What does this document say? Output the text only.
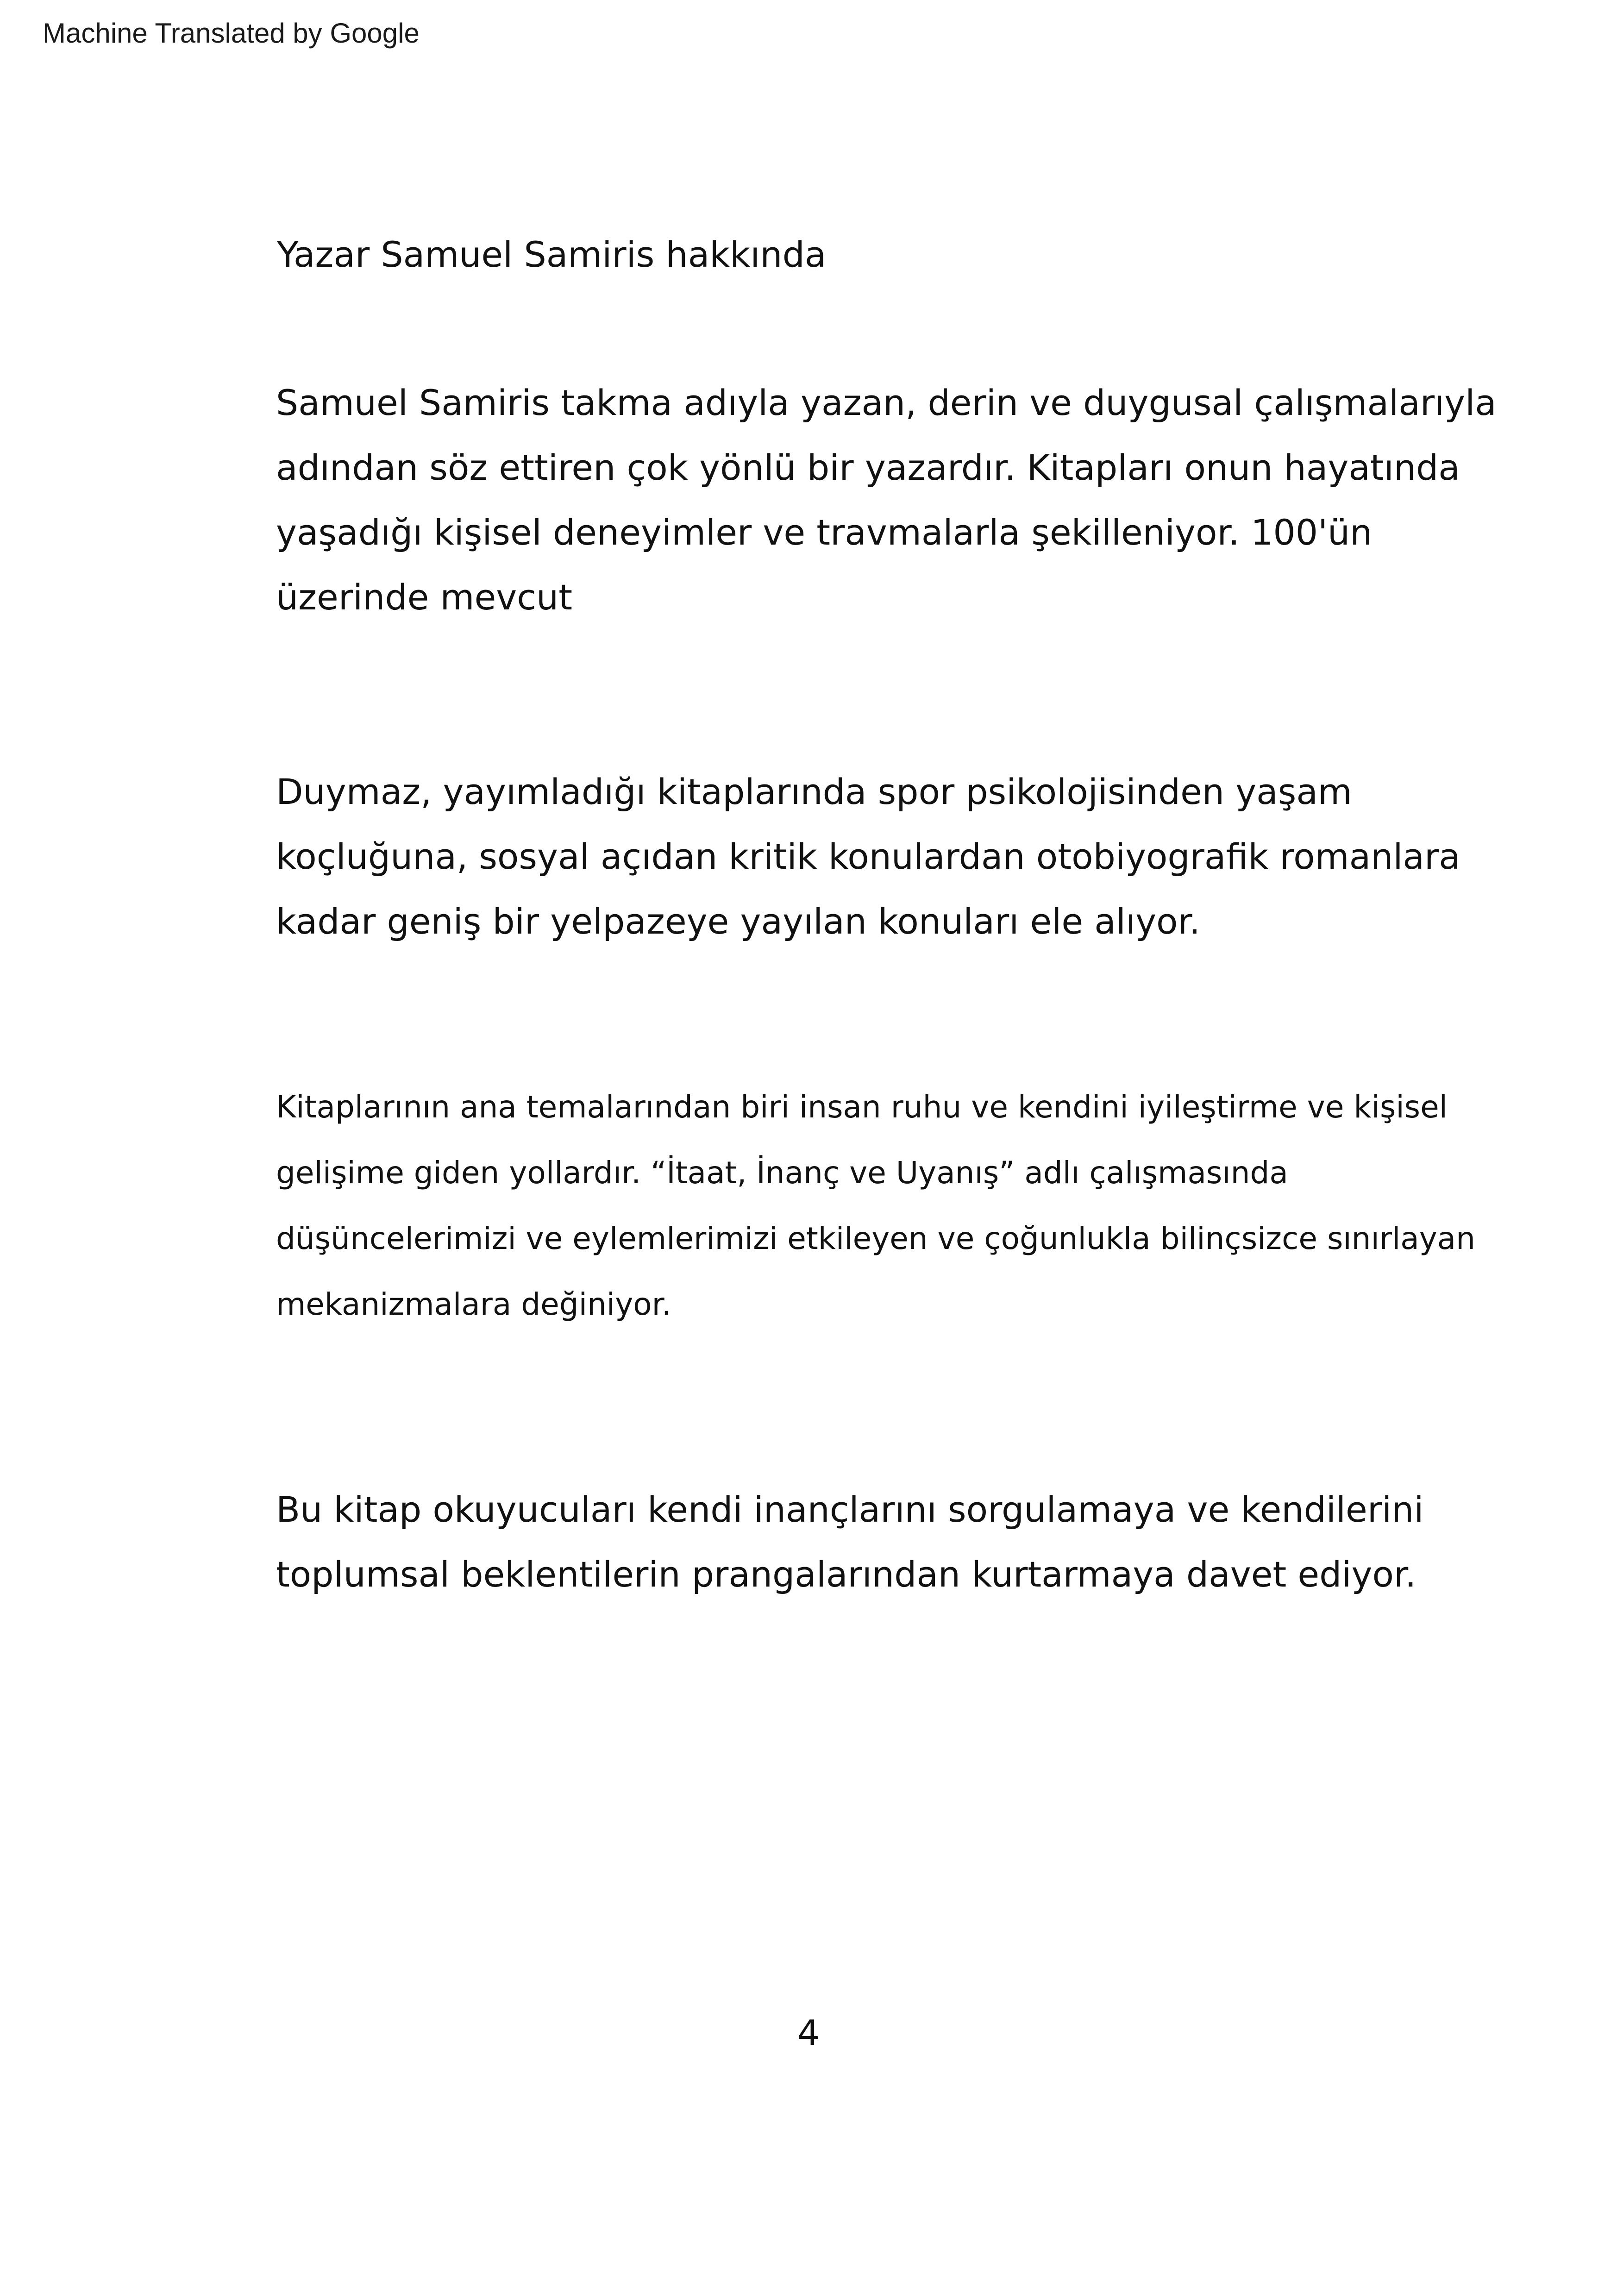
Machine Translated by Google
Yazar Samuel Samiris hakkında
Samuel Samiris takma adıyla yazan, derin ve duygusal çalışmalarıyla
adından söz ettiren çok yönlü bir yazardır. Kitapları onun hayatında
yaşadığı kişisel deneyimler ve travmalarla şekilleniyor. 100'ün
üzerinde mevcut
Duymaz, yayımladığı kitaplarında spor psikolojisinden yaşam
koçluğuna, sosyal açıdan kritik konulardan otobiyografik romanlara
kadar geniş bir yelpazeye yayılan konuları ele alıyor.
Kitaplarının ana temalarından biri insan ruhu ve kendini iyileştirme ve kişisel
gelişime giden yollardır. “İtaat, İnanç ve Uyanış” adlı çalışmasında
düşüncelerimizi ve eylemlerimizi etkileyen ve çoğunlukla bilinçsizce sınırlayan
mekanizmalara değiniyor.
Bu kitap okuyucuları kendi inançlarını sorgulamaya ve kendilerini
toplumsal beklentilerin prangalarından kurtarmaya davet ediyor.
4
